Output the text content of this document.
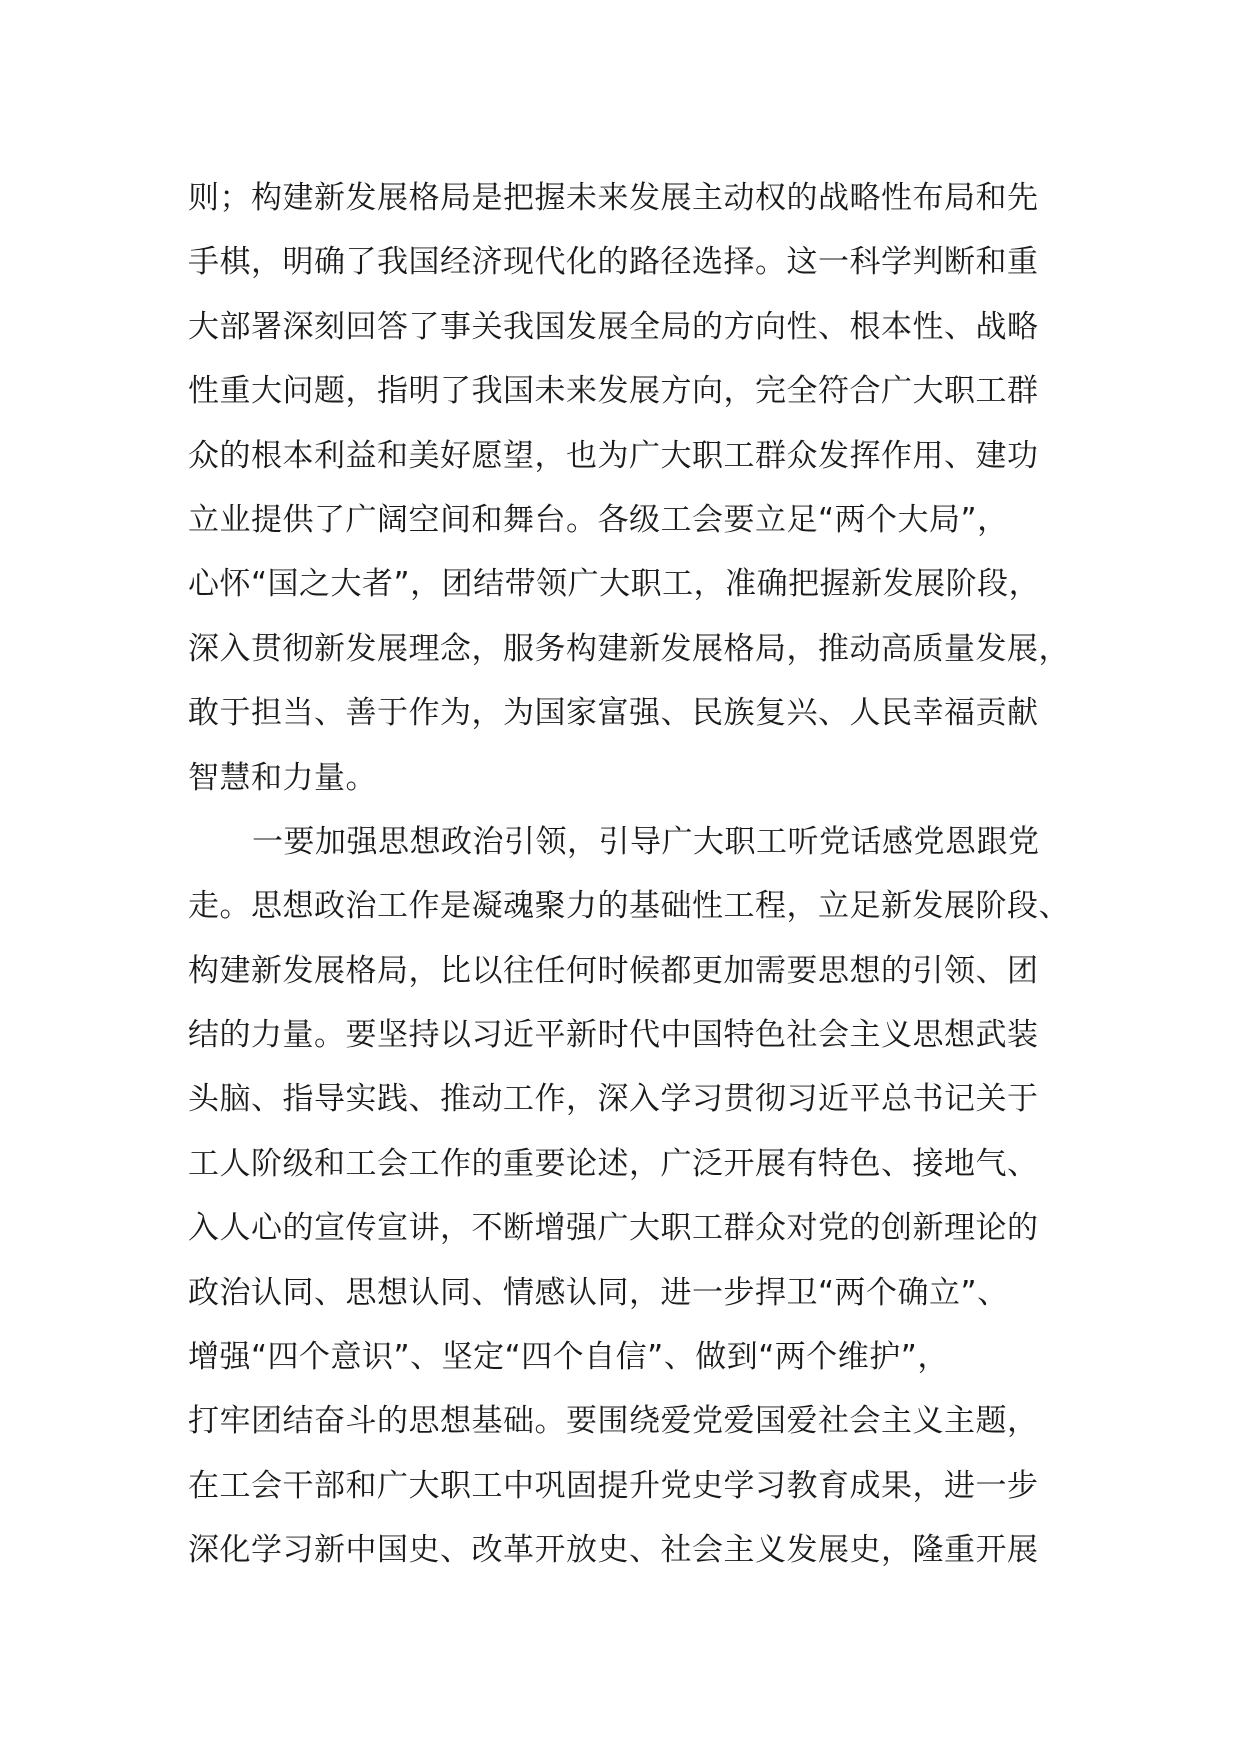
则；构建新发展格局是把握未来发展主动权的战略性布局和先
手棋，明确了我国经济现代化的路径选择。这一科学判断和重
大部署深刻回答了事关我国发展全局的方向性、根本性、战略
性重大问题，指明了我国未来发展方向，完全符合广大职工群
众的根本利益和美好愿望，也为广大职工群众发挥作用、建功
立业提供了广阔空间和舞台。各级工会要立足“两个大局”，
心怀“国之大者”，团结带领广大职工，准确把握新发展阶段，
深入贯彻新发展理念，服务构建新发展格局，推动高质量发展，
敢于担当、善于作为，为国家富强、民族复兴、人民幸福贡献
智慧和力量。
一要加强思想政治引领，引导广大职工听党话感党恩跟党
走。思想政治工作是凝魂聚力的基础性工程，立足新发展阶段、
构建新发展格局，比以往任何时候都更加需要思想的引领、团
结的力量。要坚持以习近平新时代中国特色社会主义思想武装
头脑、指导实践、推动工作，深入学习贯彻习近平总书记关于
工人阶级和工会工作的重要论述，广泛开展有特色、接地气、
入人心的宣传宣讲，不断增强广大职工群众对党的创新理论的
政治认同、思想认同、情感认同，进一步捍卫“两个确立”、
增强“四个意识”、坚定“四个自信”、做到“两个维护”，
打牢团结奋斗的思想基础。要围绕爱党爱国爱社会主义主题，
在工会干部和广大职工中巩固提升党史学习教育成果，进一步
深化学习新中国史、改革开放史、社会主义发展史，隆重开展
